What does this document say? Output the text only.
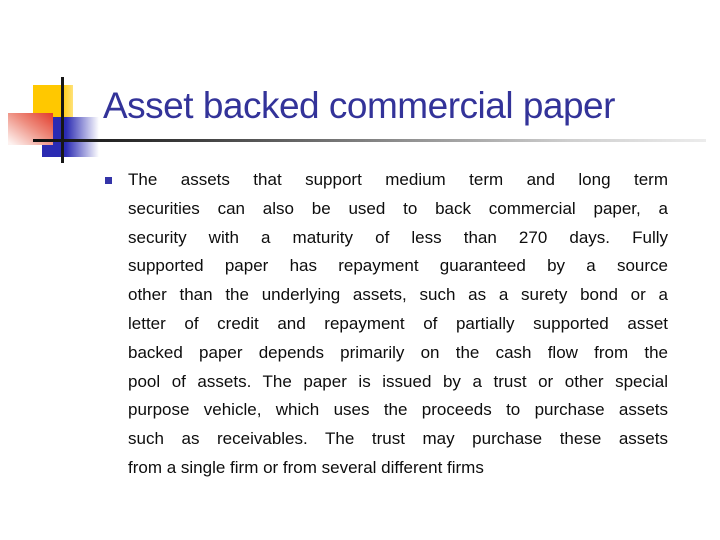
Asset backed commercial paper
The assets that support medium term and long term
securities can also be used to back commercial paper, a
security with a maturity of less than 270 days. Fully
supported paper has repayment guaranteed by a source
other than the underlying assets, such as a surety bond or a
letter of credit and repayment of partially supported asset
backed paper depends primarily on the cash flow from the
pool of assets. The paper is issued by a trust or other special
purpose vehicle, which uses the proceeds to purchase assets
such as receivables. The trust may purchase these assets
from a single firm or from several different firms
